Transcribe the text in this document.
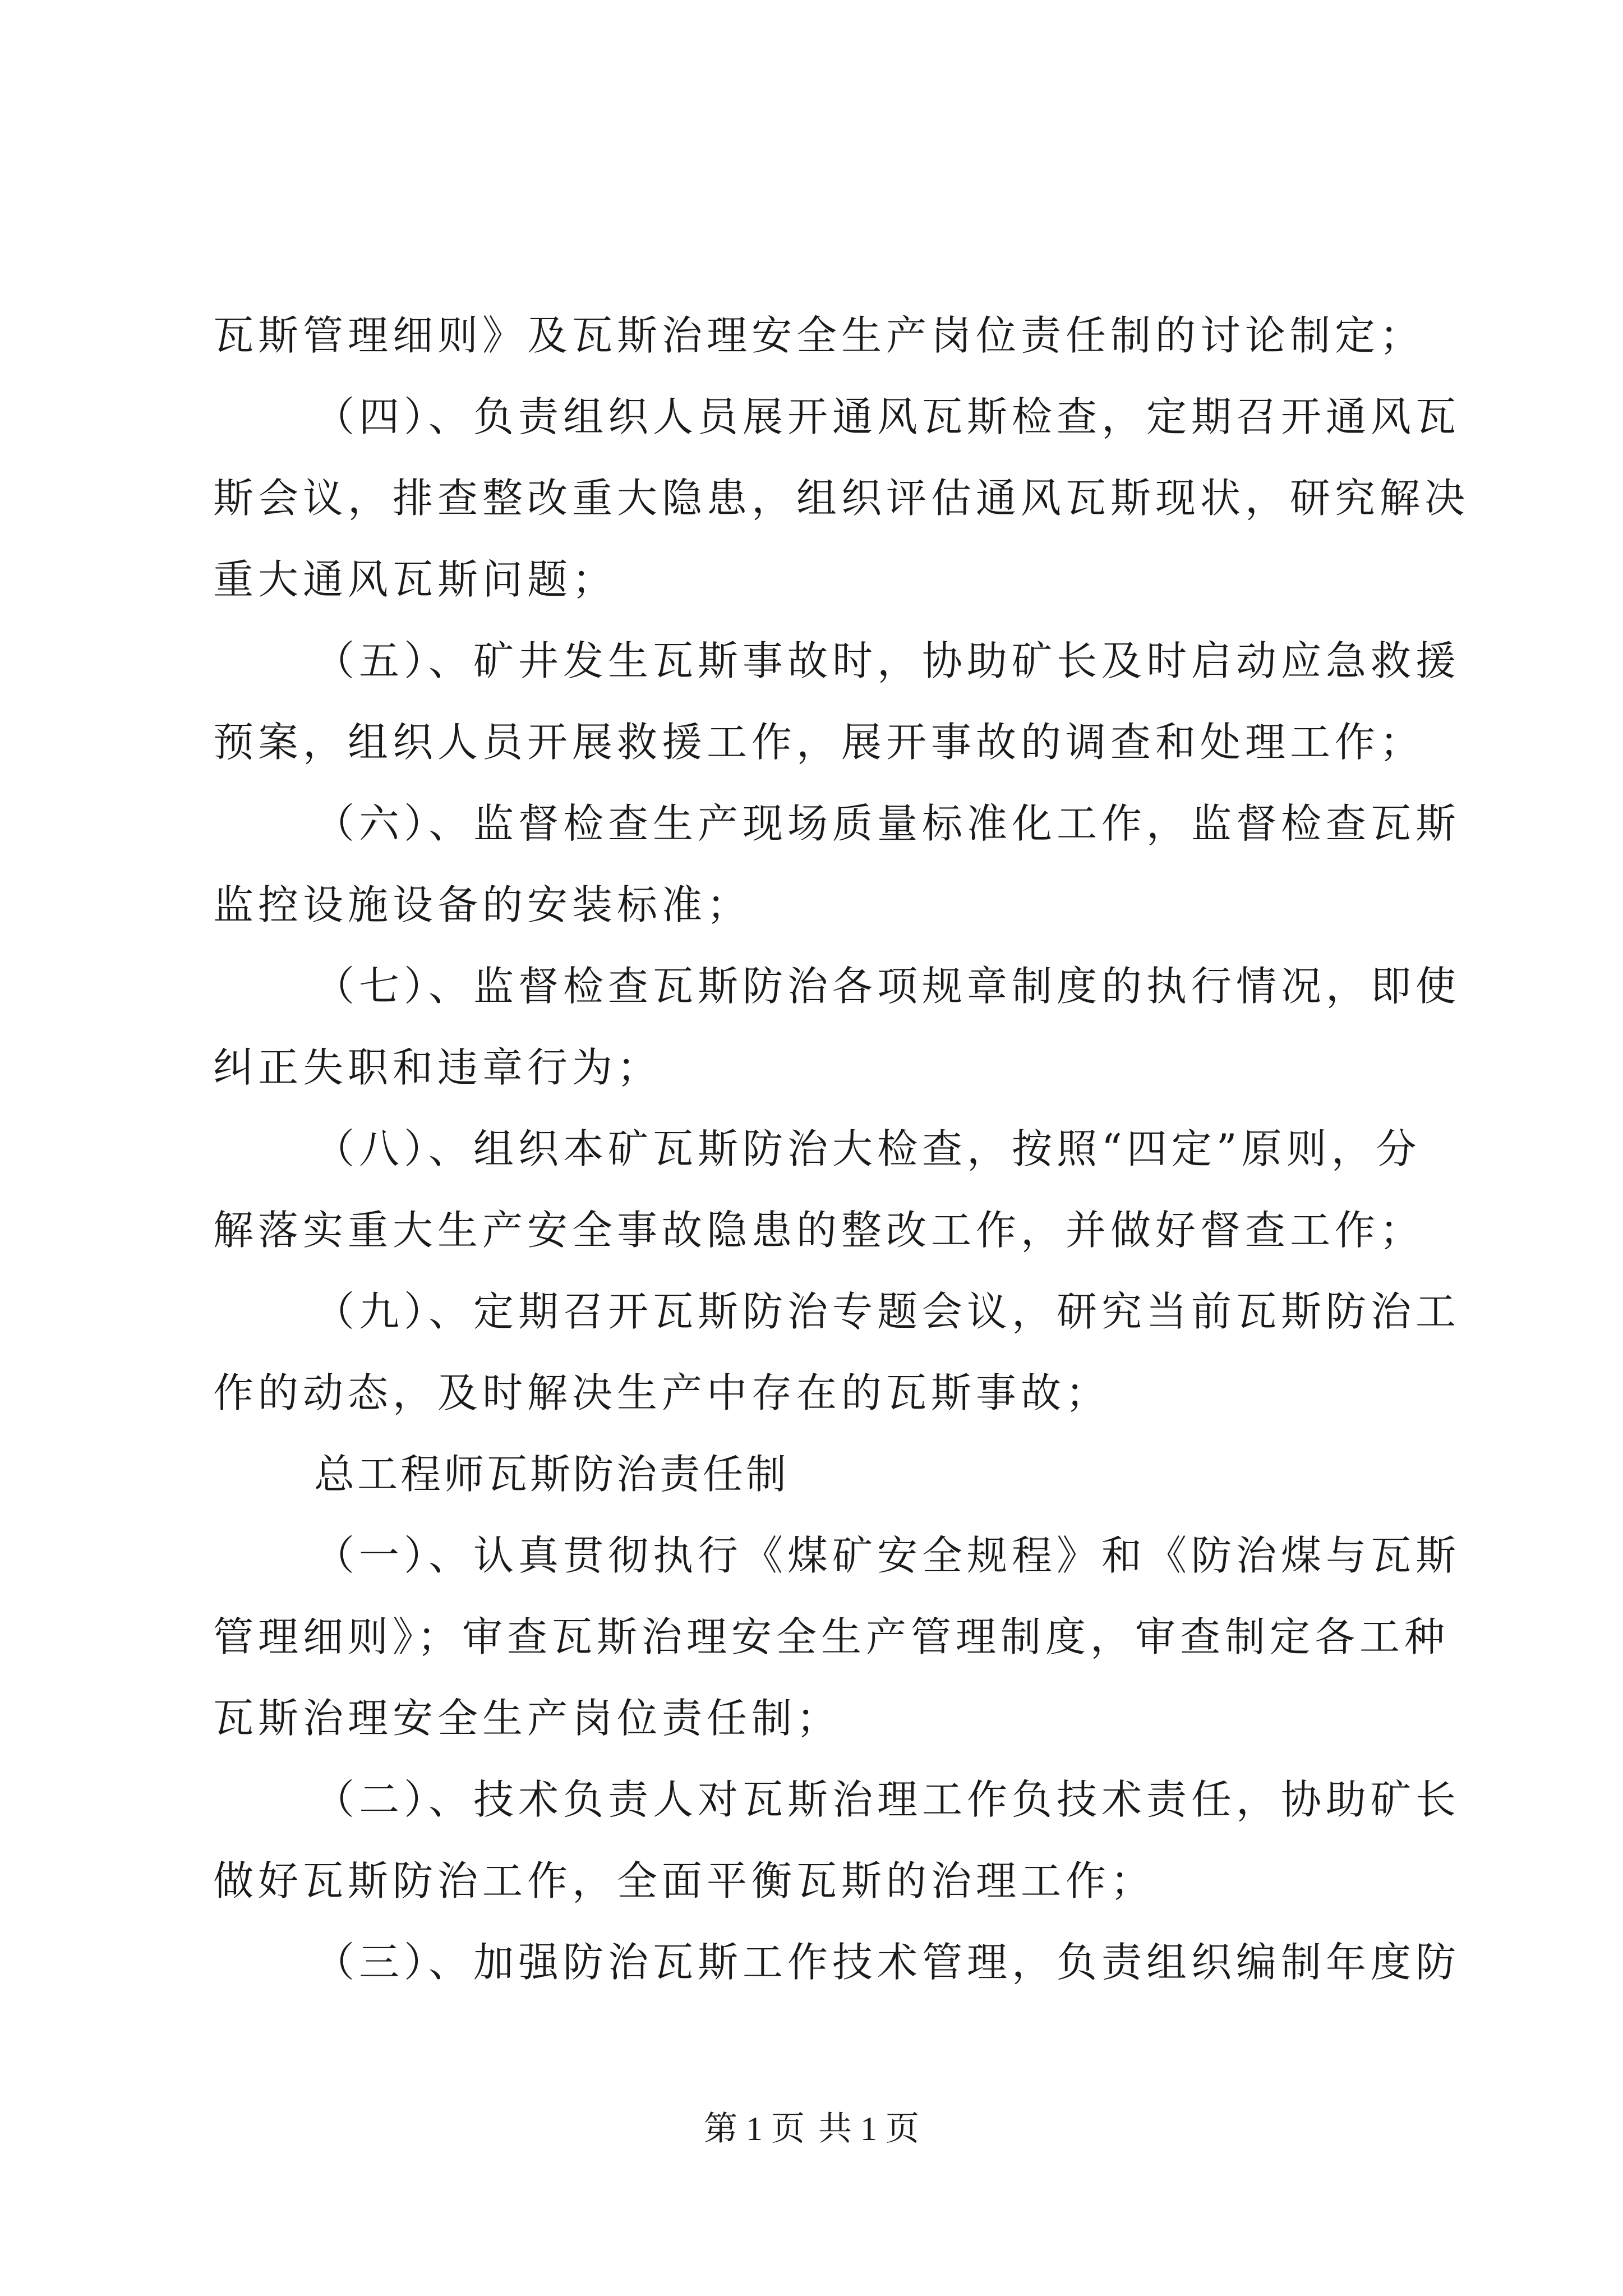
瓦斯管理细则》及瓦斯治理安全生产岗位责任制的讨论制定；
（四）、负责组织人员展开通风瓦斯检查，定期召开通风瓦
斯会议，排查整改重大隐患，组织评估通风瓦斯现状，研究解决
重大通风瓦斯问题；
（五）、矿井发生瓦斯事故时，协助矿长及时启动应急救援
预案，组织人员开展救援工作，展开事故的调查和处理工作；
（六）、监督检查生产现场质量标准化工作，监督检查瓦斯
监控设施设备的安装标准；
（七）、监督检查瓦斯防治各项规章制度的执行情况，即使
纠正失职和违章行为；
（八）、组织本矿瓦斯防治大检查，按照“四定”原则，分
解落实重大生产安全事故隐患的整改工作，并做好督查工作；
（九）、定期召开瓦斯防治专题会议，研究当前瓦斯防治工
作的动态，及时解决生产中存在的瓦斯事故；
总工程师瓦斯防治责任制
（一）、认真贯彻执行《煤矿安全规程》和《防治煤与瓦斯
管理细则》；审查瓦斯治理安全生产管理制度，审查制定各工种
瓦斯治理安全生产岗位责任制；
（二）、技术负责人对瓦斯治理工作负技术责任，协助矿长
做好瓦斯防治工作，全面平衡瓦斯的治理工作；
（三）、加强防治瓦斯工作技术管理，负责组织编制年度防
第 1 页 共 1 页
